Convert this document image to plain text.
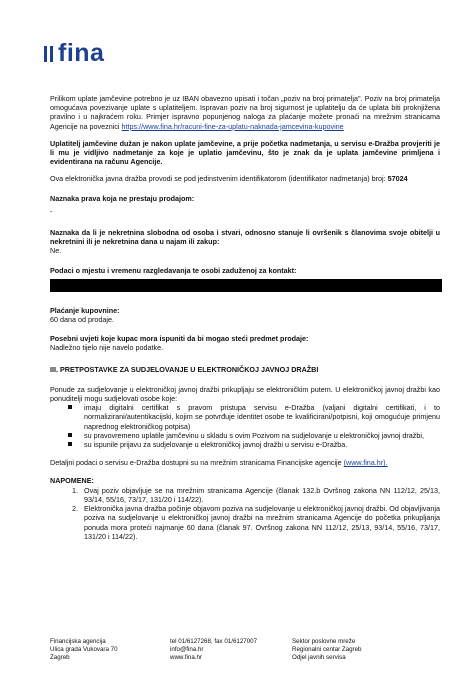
fina

Prilikom uplate jamčevine potrebno je uz IBAN obavezno upisati i točan „poziv na broj primatelja". Poziv na broj primatelja omogućava povezivanje uplate s uplatiteljem. Ispravan poziv na broj sigurnost je uplatitelju da će uplata biti proknjižena pravilno i u najkraćem roku. Primjer ispravno popunjenog naloga za plaćanje možete pronaći na mrežnim stranicama Agencije na poveznici https://www.fina.hr/racuni-fine-za-uplatu-naknada-jamcevina-kupovine

Uplatitelj jamčevine dužan je nakon uplate jamčevine, a prije početka nadmetanja, u servisu e-Dražba provjeriti je li mu je vidljivo nadmetanje za koje je uplatio jamčevinu, što je znak da je uplata jamčevine primljena i evidentirana na računu Agencije.

Ova elektronička javna dražba provodi se pod jedinstvenim identifikatorom (identifikator nadmetanja) broj: 57024

Naznaka prava koja ne prestaju prodajom:

-

Naznaka da li je nekretnina slobodna od osoba i stvari, odnosno stanuje li ovršenik s članovima svoje obitelji u nekretnini ili je nekretnina dana u najam ili zakup:

Ne.

Podaci o mjestu i vremenu razgledavanja te osobi zaduženoj za kontakt:

Plaćanje kupovnine:

60 dana od prodaje.

Posebni uvjeti koje kupac mora ispuniti da bi mogao steći predmet prodaje:

Nadležno tijelo nije navelo podatke.

III. PRETPOSTAVKE ZA SUDJELOVANJE U ELEKTRONIČKOJ JAVNOJ DRAŽBI

Ponude za sudjelovanje u elektroničkoj javnoj dražbi prikupljaju se elektroničkim putem. U elektroničkoj javnoj dražbi kao ponuditelji mogu sudjelovati osobe koje:

imaju digitalni certifikat s pravom pristupa servisu e-Dražba (valjani digitalni certifikati, i to normalizirani/autentikacijski, kojim se potvrđuje identitet osobe te kvalificirani/potpisni, koji omogućuje primjenu naprednog elektroničkog potpisa)
su pravovremeno uplatile jamčevinu u skladu s ovim Pozivom na sudjelovanje u elektroničkoj javnoj dražbi,
su ispunile prijavu za sudjelovanje u elektroničkoj javnoj dražbi u servisu e-Dražba.

Detaljni podaci o servisu e-Dražba dostupni su na mrežnim stranicama Financijske agencije (www.fina.hr).

NAPOMENE:

1. Ovaj poziv objavljuje se na mrežnim stranicama Agencije (članak 132.b Ovršnog zakona NN 112/12, 25/13, 93/14, 55/16, 73/17, 131/20 i 114/22).
2. Elektronička javna dražba počinje objavom poziva na sudjelovanje u elektroničkoj javnoj dražbi. Od objavljivanja poziva na sudjelovanje u elektroničkoj javnoj dražbi na mrežnim stranicama Agencije do početka prikupljanja ponuda mora proteći najmanje 60 dana (članak 97. Ovršnog zakona NN 112/12, 25/13, 93/14, 55/16, 73/17, 131/20 i 114/22).
Financijska agencija
Ulica grada Vukovara 70
Zagreb
tel 01/6127268, fax 01/6127007
info@fina.hr
www.fina.hr
Sektor poslovne mreže
Regionalni centar Zagreb
Odjel javnih servisa
